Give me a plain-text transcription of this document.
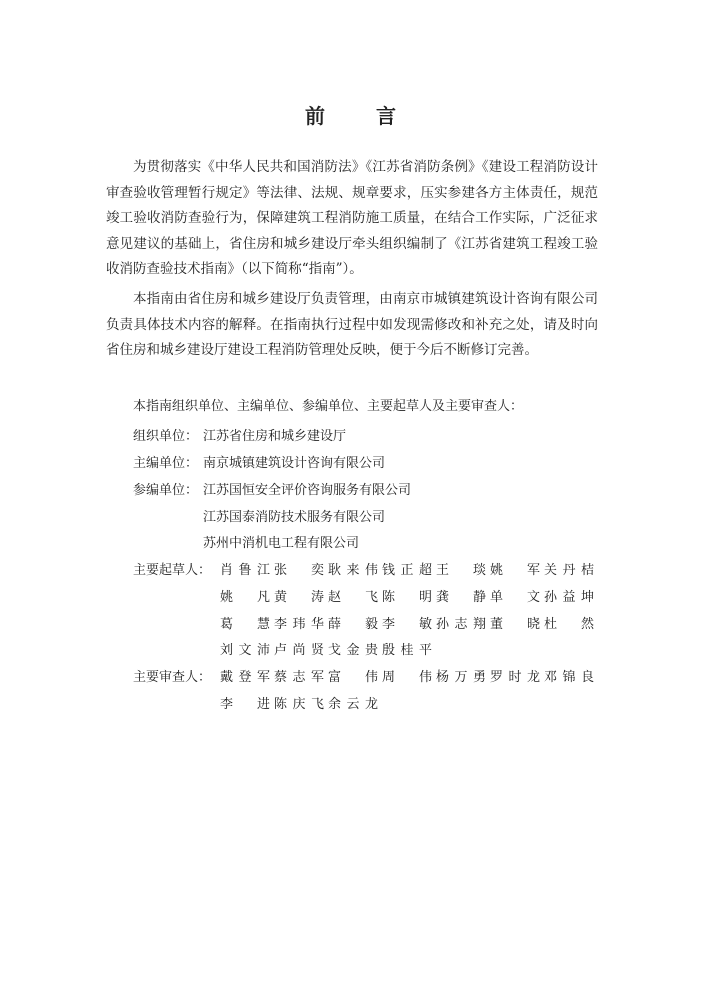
前 言

为贯彻落实《中华人民共和国消防法》《江苏省消防条例》《建设工程消防设计审查验收管理暂行规定》等法律、法规、规章要求，压实参建各方主体责任，规范竣工验收消防查验行为，保障建筑工程消防施工质量，在结合工作实际，广泛征求意见建议的基础上，省住房和城乡建设厅牵头组织编制了《江苏省建筑工程竣工验收消防查验技术指南》（以下简称“指南”）。

本指南由省住房和城乡建设厅负责管理，由南京市城镇建筑设计咨询有限公司负责具体技术内容的解释。在指南执行过程中如发现需修改和补充之处，请及时向省住房和城乡建设厅建设工程消防管理处反映，便于今后不断修订完善。

本指南组织单位、主编单位、参编单位、主要起草人及主要审查人：
组织单位： 江苏省住房和城乡建设厅
主编单位： 南京城镇建筑设计咨询有限公司
参编单位： 江苏国恒安全评价咨询服务有限公司
江苏国泰消防技术服务有限公司
苏州中消机电工程有限公司
主要起草人： 肖鲁江 张 奕 耿来伟 钱正超 王 琰 姚 军 关丹桔
姚 凡 黄 涛 赵 飞 陈 明 龚 静 单 文 孙益坤
葛 慧 李玮华 薛 毅 李 敏 孙志翔 董 晓 杜 然
刘文沛 卢尚贤 戈金贵 殷桂平
主要审查人： 戴登军 蔡志军 富 伟 周 伟 杨万勇 罗时龙 邓锦良
李 进 陈庆飞 余云龙
